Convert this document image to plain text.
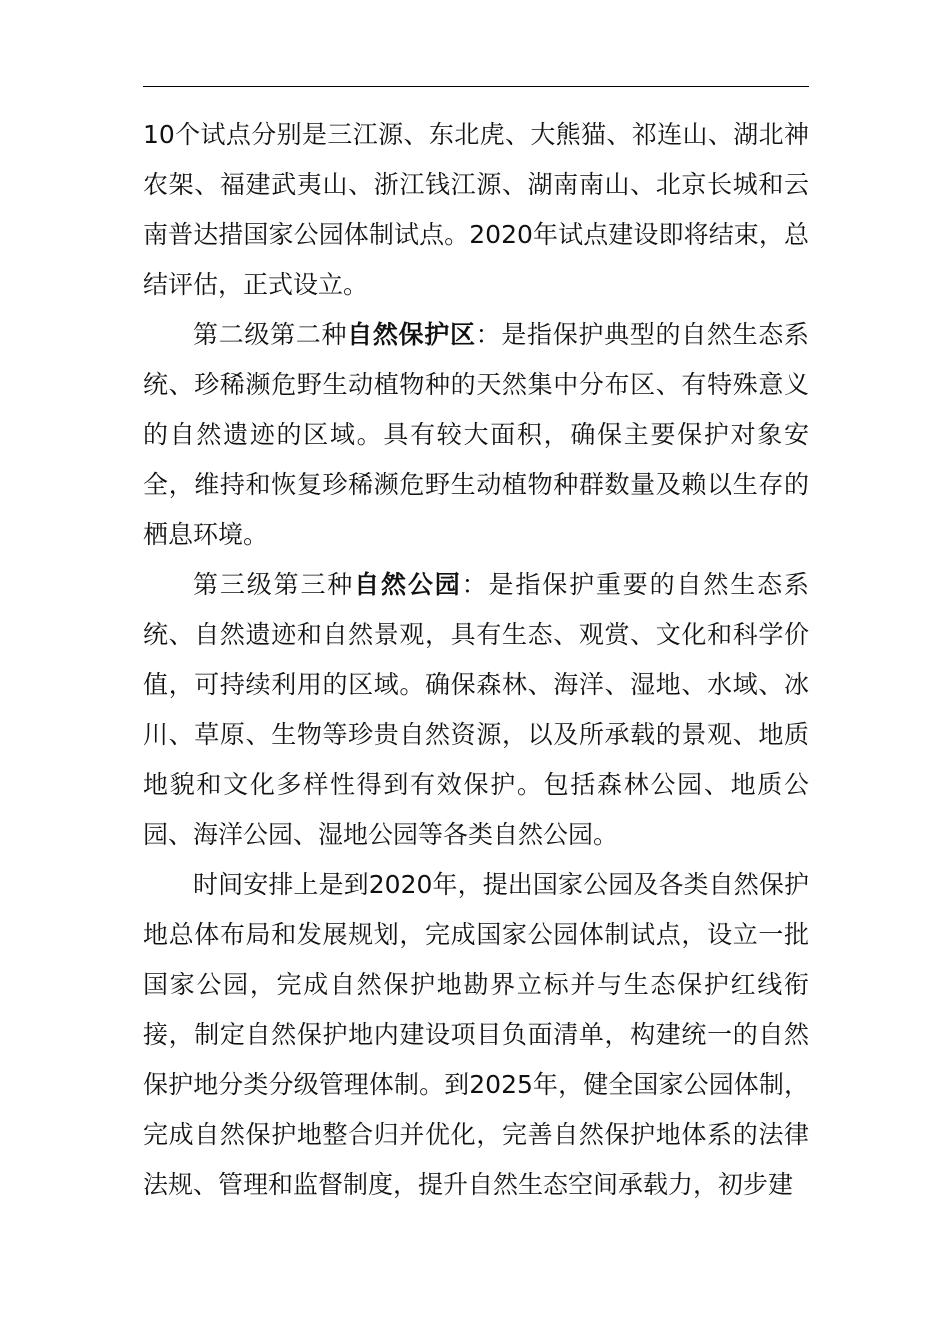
10个试点分别是三江源、东北虎、大熊猫、祁连山、湖北神农架、福建武夷山、浙江钱江源、湖南南山、北京长城和云南普达措国家公园体制试点。2020年试点建设即将结束，总结评估，正式设立。

第二级第二种自然保护区：是指保护典型的自然生态系统、珍稀濒危野生动植物种的天然集中分布区、有特殊意义的自然遗迹的区域。具有较大面积，确保主要保护对象安全，维持和恢复珍稀濒危野生动植物种群数量及赖以生存的栖息环境。

第三级第三种自然公园：是指保护重要的自然生态系统、自然遗迹和自然景观，具有生态、观赏、文化和科学价值，可持续利用的区域。确保森林、海洋、湿地、水域、冰川、草原、生物等珍贵自然资源，以及所承载的景观、地质地貌和文化多样性得到有效保护。包括森林公园、地质公园、海洋公园、湿地公园等各类自然公园。

时间安排上是到2020年，提出国家公园及各类自然保护地总体布局和发展规划，完成国家公园体制试点，设立一批国家公园，完成自然保护地勘界立标并与生态保护红线衔接，制定自然保护地内建设项目负面清单，构建统一的自然保护地分类分级管理体制。到2025年，健全国家公园体制，完成自然保护地整合归并优化，完善自然保护地体系的法律法规、管理和监督制度，提升自然生态空间承载力，初步建
